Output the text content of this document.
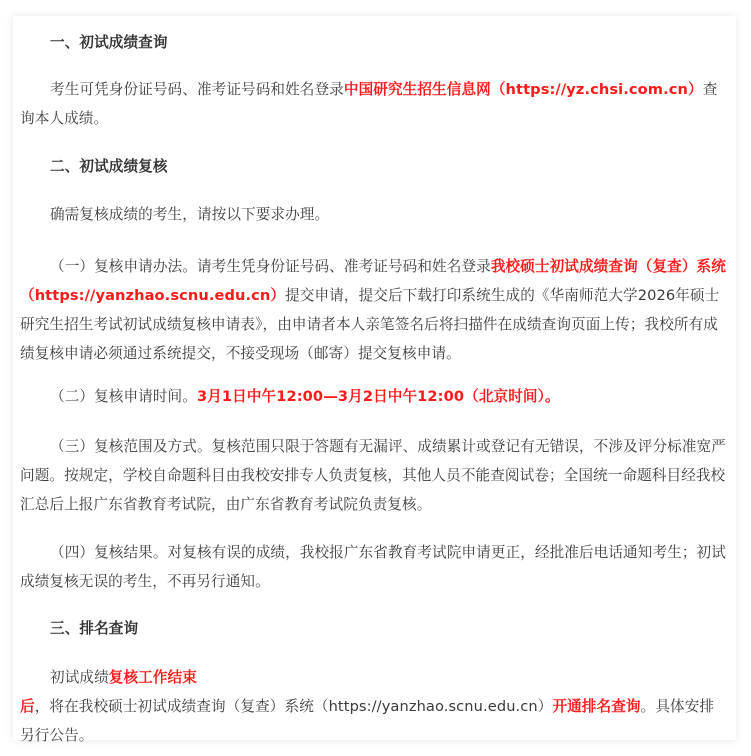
一、初试成绩查询

考生可凭身份证号码、准考证号码和姓名登录中国研究生招生信息网（https://yz.chsi.com.cn）查询本人成绩。

二、初试成绩复核

确需复核成绩的考生，请按以下要求办理。

（一）复核申请办法。请考生凭身份证号码、准考证号码和姓名登录我校硕士初试成绩查询（复查）系统（https://yanzhao.scnu.edu.cn）提交申请，提交后下载打印系统生成的《华南师范大学2026年硕士研究生招生考试初试成绩复核申请表》，由申请者本人亲笔签名后将扫描件在成绩查询页面上传；我校所有成绩复核申请必须通过系统提交，不接受现场（邮寄）提交复核申请。

（二）复核申请时间。3月1日中午12:00—3月2日中午12:00（北京时间）。

（三）复核范围及方式。复核范围只限于答题有无漏评、成绩累计或登记有无错误，不涉及评分标准宽严问题。按规定，学校自命题科目由我校安排专人负责复核，其他人员不能查阅试卷；全国统一命题科目经我校汇总后上报广东省教育考试院，由广东省教育考试院负责复核。

（四）复核结果。对复核有误的成绩，我校报广东省教育考试院申请更正，经批准后电话通知考生；初试成绩复核无误的考生，不再另行通知。

三、排名查询

初试成绩复核工作结束后，将在我校硕士初试成绩查询（复查）系统（https://yanzhao.scnu.edu.cn）开通排名查询。具体安排另行公告。
